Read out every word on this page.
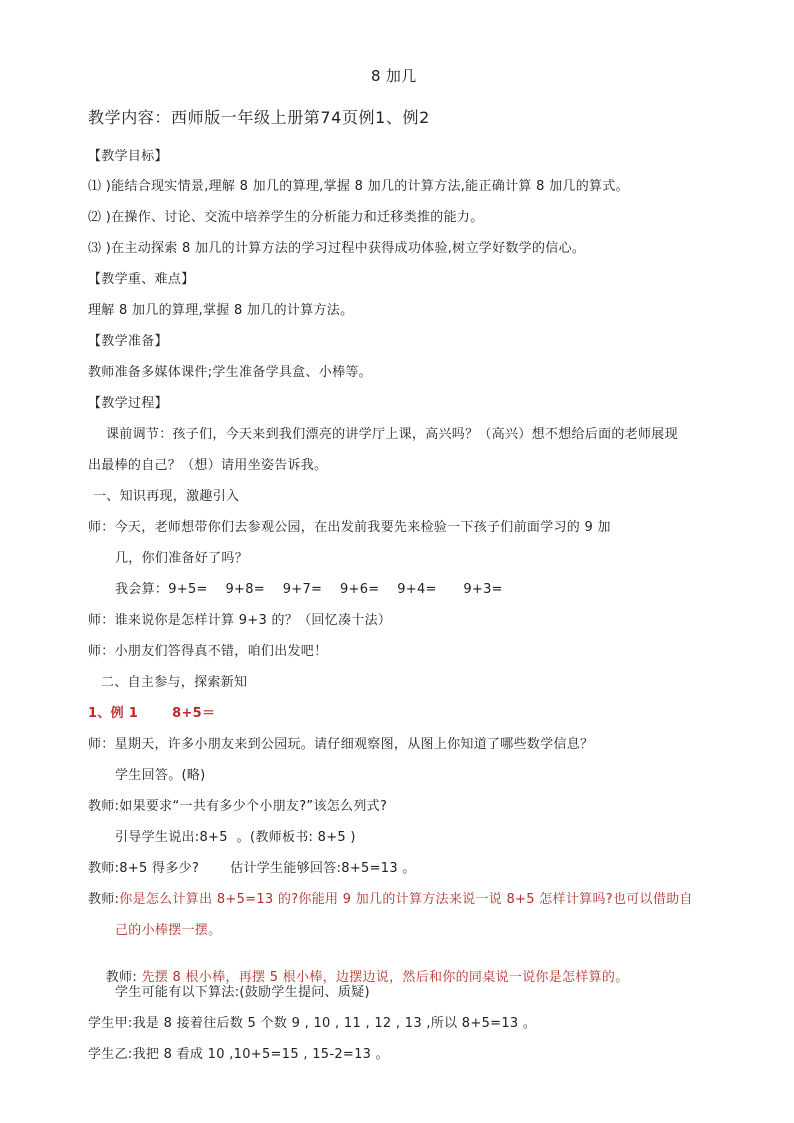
8 加几
教学内容：西师版一年级上册第74页例1、例2
【教学目标】
⑴ )能结合现实情景,理解 8 加几的算理,掌握 8 加几的计算方法,能正确计算 8 加几的算式。
⑵ )在操作、讨论、交流中培养学生的分析能力和迁移类推的能力。
⑶ )在主动探索 8 加几的计算方法的学习过程中获得成功体验,树立学好数学的信心。
【教学重、难点】
理解 8 加几的算理,掌握 8 加几的计算方法。
【教学准备】
教师准备多媒体课件;学生准备学具盒、小棒等。
【教学过程】
课前调节：孩子们，今天来到我们漂亮的讲学厅上课，高兴吗？（高兴）想不想给后面的老师展现
出最棒的自己？（想）请用坐姿告诉我。
一、知识再现，激趣引入
师：今天，老师想带你们去参观公园，在出发前我要先来检验一下孩子们前面学习的 9 加
几，你们准备好了吗？
我会算：9+5=    9+8=    9+7=    9+6=    9+4=      9+3=
师：谁来说你是怎样计算 9+3 的？（回忆凑十法）
师：小朋友们答得真不错，咱们出发吧！
二、自主参与，探索新知
1、例 1	8+5＝
师：星期天，许多小朋友来到公园玩。请仔细观察图，从图上你知道了哪些数学信息？
学生回答。(略)
教师:如果要求“一共有多少个小朋友?”该怎么列式?
引导学生说出:8+5  。(教师板书: 8+5 )
教师:8+5 得多少?       估计学生能够回答:8+5=13 。
教师:你是怎么计算出 8+5=13 的?你能用 9 加几的计算方法来说一说 8+5 怎样计算吗?也可以借助自
己的小棒摆一摆。

教师: 先摆 8 根小棒，再摆 5 根小棒，边摆边说，然后和你的同桌说一说你是怎样算的。

学生可能有以下算法:(鼓励学生提问、质疑)
学生甲:我是 8 接着往后数 5 个数 9 , 10 , 11 , 12 , 13 ,所以 8+5=13 。
学生乙:我把 8 看成 10 ,10+5=15 , 15-2=13 。
